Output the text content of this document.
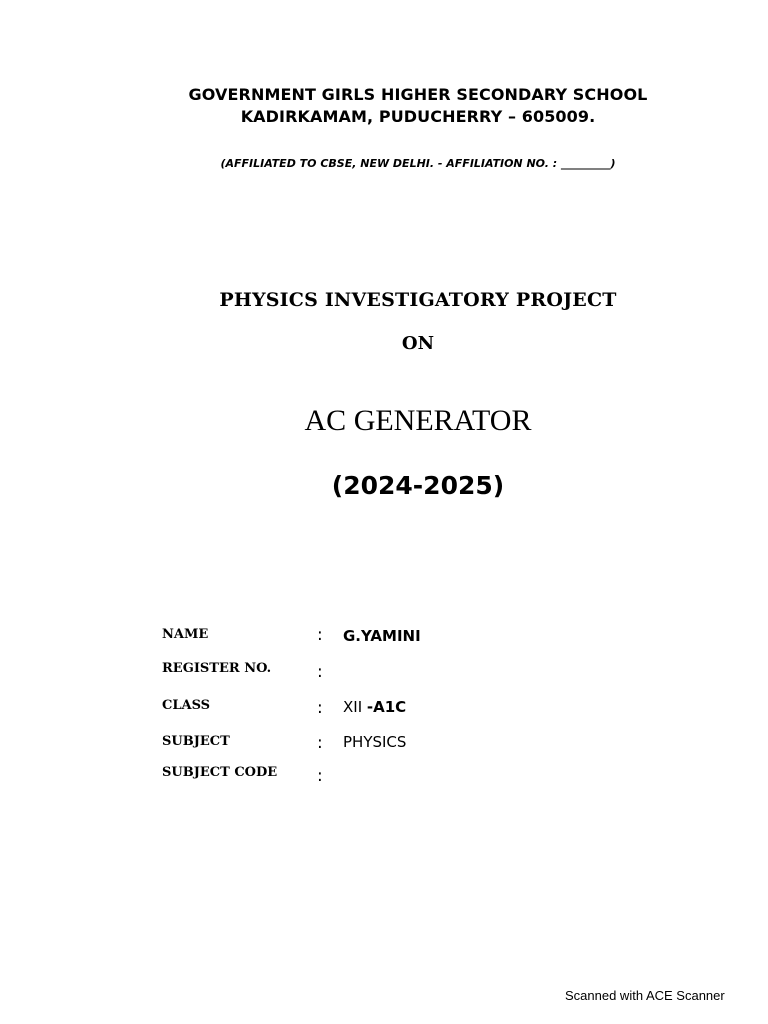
GOVERNMENT GIRLS HIGHER SECONDARY SCHOOL
KADIRKAMAM, PUDUCHERRY – 605009.
(AFFILIATED TO CBSE, NEW DELHI. - AFFILIATION NO. : _________)
PHYSICS INVESTIGATORY PROJECT
ON
AC GENERATOR
(2024-2025)
NAME	: G.YAMINI
REGISTER NO.	:
CLASS	: XII -A1C
SUBJECT	: PHYSICS
SUBJECT CODE :
Scanned with ACE Scanner
